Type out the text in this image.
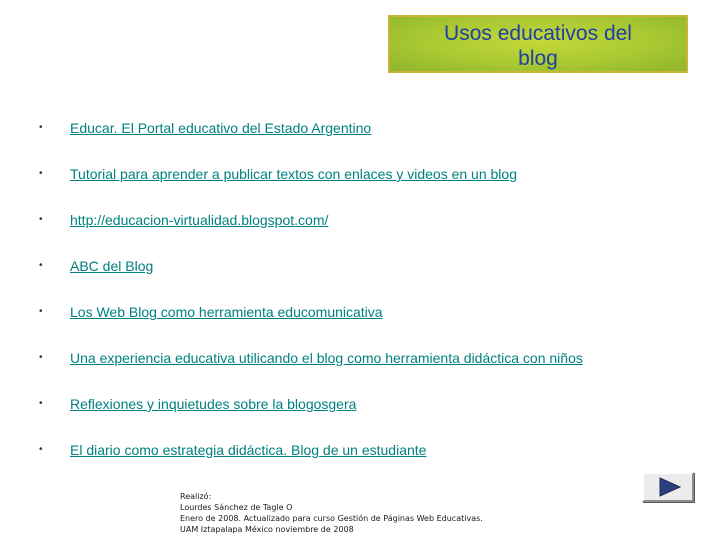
Usos educativos del
blog
• Educar. El Portal educativo del Estado Argentino
• Tutorial para aprender a publicar textos con enlaces y videos en un blog
• http://educacion-virtualidad.blogspot.com/
• ABC del Blog
• Los Web Blog como herramienta educomunicativa
• Una experiencia educativa utilicando el blog como herramienta didáctica con niños
• Reflexiones y inquietudes sobre la blogosgera
• El diario como estrategia didáctica. Blog de un estudiante
Realizó:
Lourdes Sánchez de Tagle O
Enero de 2008. Actualizado para curso Gestión de Páginas Web Educativas.
UAM Iztapalapa México noviembre de 2008
